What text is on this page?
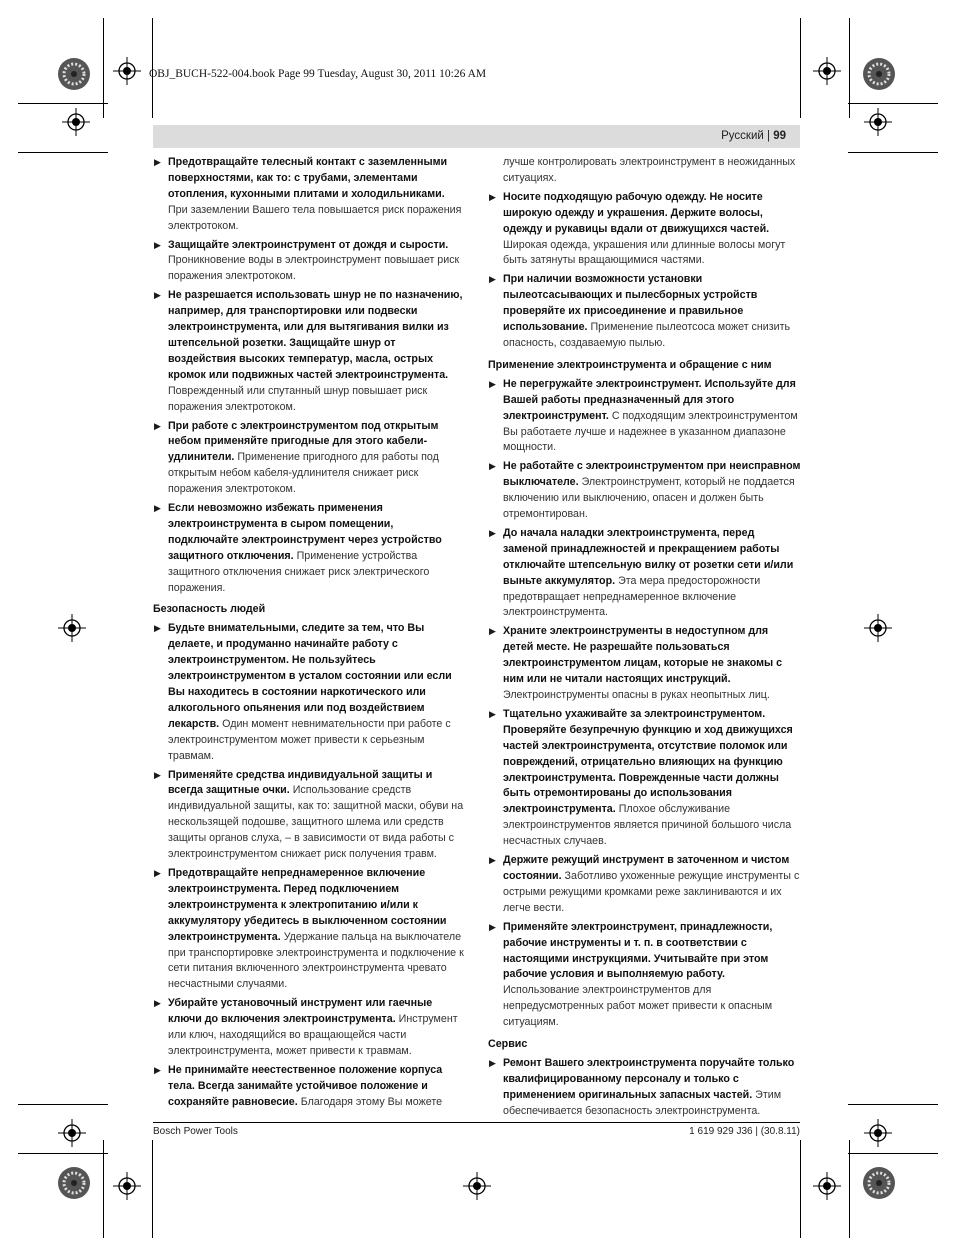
OBJ_BUCH-522-004.book Page 99 Tuesday, August 30, 2011 10:26 AM
Русский | 99
▶ Предотвращайте телесный контакт с заземленными поверхностями, как то: с трубами, элементами отопления, кухонными плитами и холодильниками. При заземлении Вашего тела повышается риск поражения электротоком.
▶ Защищайте электроинструмент от дождя и сырости. Проникновение воды в электроинструмент повышает риск поражения электротоком.
▶ Не разрешается использовать шнур не по назначению, например, для транспортировки или подвески электроинструмента, или для вытягивания вилки из штепсельной розетки. Защищайте шнур от воздействия высоких температур, масла, острых кромок или подвижных частей электроинструмента. Поврежденный или спутанный шнур повышает риск поражения электротоком.
▶ При работе с электроинструментом под открытым небом применяйте пригодные для этого кабели-удлинители. Применение пригодного для работы под открытым небом кабеля-удлинителя снижает риск поражения электротоком.
▶ Если невозможно избежать применения электроинструмента в сыром помещении, подключайте электроинструмент через устройство защитного отключения. Применение устройства защитного отключения снижает риск электрического поражения.
Безопасность людей
▶ Будьте внимательными, следите за тем, что Вы делаете, и продуманно начинайте работу с электроинструментом. Не пользуйтесь электроинструментом в усталом состоянии или если Вы находитесь в состоянии наркотического или алкогольного опьянения или под воздействием лекарств. Один момент невнимательности при работе с электроинструментом может привести к серьезным травмам.
▶ Применяйте средства индивидуальной защиты и всегда защитные очки. Использование средств индивидуальной защиты, как то: защитной маски, обуви на нескользящей подошве, защитного шлема или средств защиты органов слуха, – в зависимости от вида работы с электроинструментом снижает риск получения травм.
▶ Предотвращайте непреднамеренное включение электроинструмента. Перед подключением электроинструмента к электропитанию и/или к аккумулятору убедитесь в выключенном состоянии электроинструмента. Удержание пальца на выключателе при транспортировке электроинструмента и подключение к сети питания включенного электроинструмента чревато несчастными случаями.
▶ Убирайте установочный инструмент или гаечные ключи до включения электроинструмента. Инструмент или ключ, находящийся во вращающейся части электроинструмента, может привести к травмам.
▶ Не принимайте неестественное положение корпуса тела. Всегда занимайте устойчивое положение и сохраняйте равновесие. Благодаря этому Вы можете
лучше контролировать электроинструмент в неожиданных ситуациях.
▶ Носите подходящую рабочую одежду. Не носите широкую одежду и украшения. Держите волосы, одежду и рукавицы вдали от движущихся частей. Широкая одежда, украшения или длинные волосы могут быть затянуты вращающимися частями.
▶ При наличии возможности установки пылеотсасывающих и пылесборных устройств проверяйте их присоединение и правильное использование. Применение пылеотсоса может снизить опасность, создаваемую пылью.
Применение электроинструмента и обращение с ним
▶ Не перегружайте электроинструмент. Используйте для Вашей работы предназначенный для этого электроинструмент. С подходящим электроинструментом Вы работаете лучше и надежнее в указанном диапазоне мощности.
▶ Не работайте с электроинструментом при неисправном выключателе. Электроинструмент, который не поддается включению или выключению, опасен и должен быть отремонтирован.
▶ До начала наладки электроинструмента, перед заменой принадлежностей и прекращением работы отключайте штепсельную вилку от розетки сети и/или выньте аккумулятор. Эта мера предосторожности предотвращает непреднамеренное включение электроинструмента.
▶ Храните электроинструменты в недоступном для детей месте. Не разрешайте пользоваться электроинструментом лицам, которые не знакомы с ним или не читали настоящих инструкций. Электроинструменты опасны в руках неопытных лиц.
▶ Тщательно ухаживайте за электроинструментом. Проверяйте безупречную функцию и ход движущихся частей электроинструмента, отсутствие поломок или повреждений, отрицательно влияющих на функцию электроинструмента. Поврежденные части должны быть отремонтированы до использования электроинструмента. Плохое обслуживание электроинструментов является причиной большого числа несчастных случаев.
▶ Держите режущий инструмент в заточенном и чистом состоянии. Заботливо ухоженные режущие инструменты с острыми режущими кромками реже заклиниваются и их легче вести.
▶ Применяйте электроинструмент, принадлежности, рабочие инструменты и т. п. в соответствии с настоящими инструкциями. Учитывайте при этом рабочие условия и выполняемую работу. Использование электроинструментов для непредусмотренных работ может привести к опасным ситуациям.
Сервис
▶ Ремонт Вашего электроинструмента поручайте только квалифицированному персоналу и только с применением оригинальных запасных частей. Этим обеспечивается безопасность электроинструмента.
Bosch Power Tools	1 619 929 J36 | (30.8.11)
